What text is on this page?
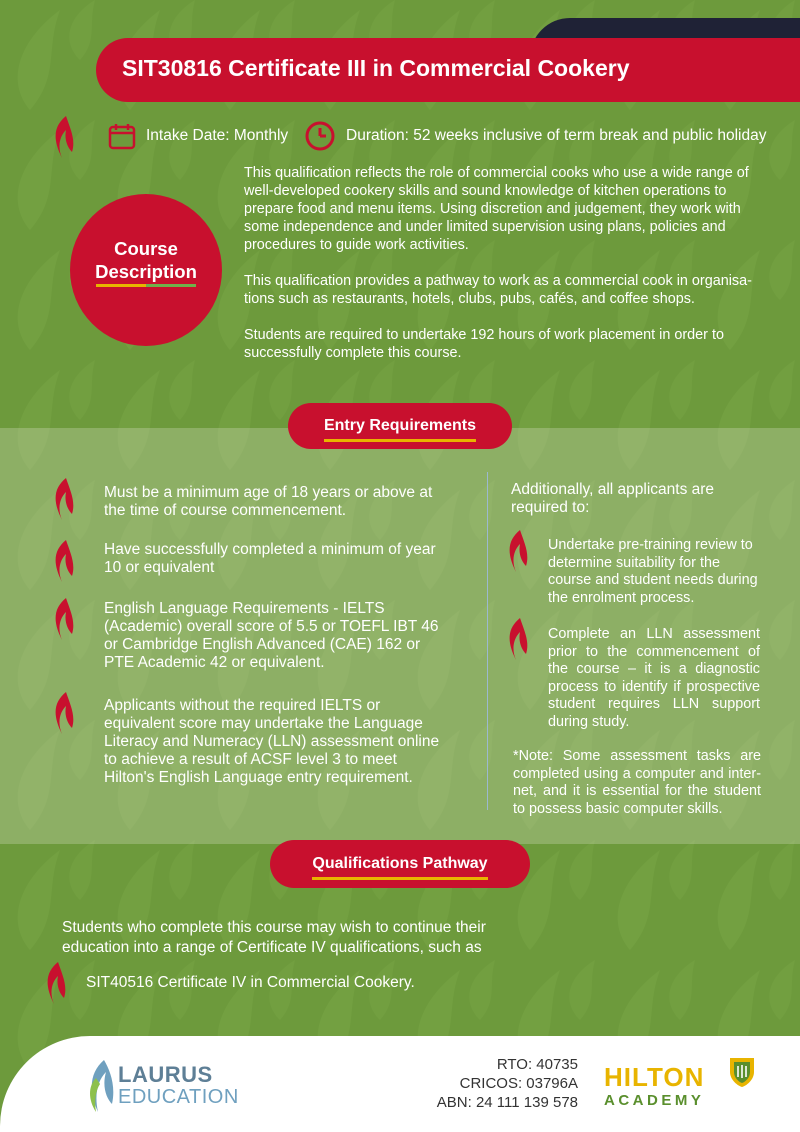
SIT30816 Certificate III in Commercial Cookery
Intake Date: Monthly	Duration: 52 weeks inclusive of term break and public holiday
Course
Description

This qualification reflects the role of commercial cooks who use a wide range of well-developed cookery skills and sound knowledge of kitchen operations to prepare food and menu items. Using discretion and judgement, they work with some independence and under limited supervision using plans, policies and procedures to guide work activities.

This qualification provides a pathway to work as a commercial cook in organisa-tions such as restaurants, hotels, clubs, pubs, cafés, and coffee shops.

Students are required to undertake 192 hours of work placement in order to successfully complete this course.

Entry Requirements
Must be a minimum age of 18 years or above at the time of course commencement.
Have successfully completed a minimum of year 10 or equivalent
English Language Requirements - IELTS (Academic) overall score of 5.5 or TOEFL IBT 46 or Cambridge English Advanced (CAE) 162 or PTE Academic 42 or equivalent.
Applicants without the required IELTS or equivalent score may undertake the Language Literacy and Numeracy (LLN) assessment online to achieve a result of ACSF level 3 to meet Hilton's English Language entry requirement.
Additionally, all applicants are required to:
Undertake pre-training review to determine suitability for the course and student needs during the enrolment process.
Complete an LLN assessment prior to the commencement of the course – it is a diagnostic process to identify if prospective student requires LLN support during study.
*Note: Some assessment tasks are completed using a computer and inter-net, and it is essential for the student to possess basic computer skills.
Qualifications Pathway
Students who complete this course may wish to continue their education into a range of Certificate IV qualifications, such as
SIT40516 Certificate IV in Commercial Cookery.
LAURUS
EDUCATION
RTO: 40735
CRICOS: 03796A
ABN: 24 111 139 578
HILTON
ACADEMY
